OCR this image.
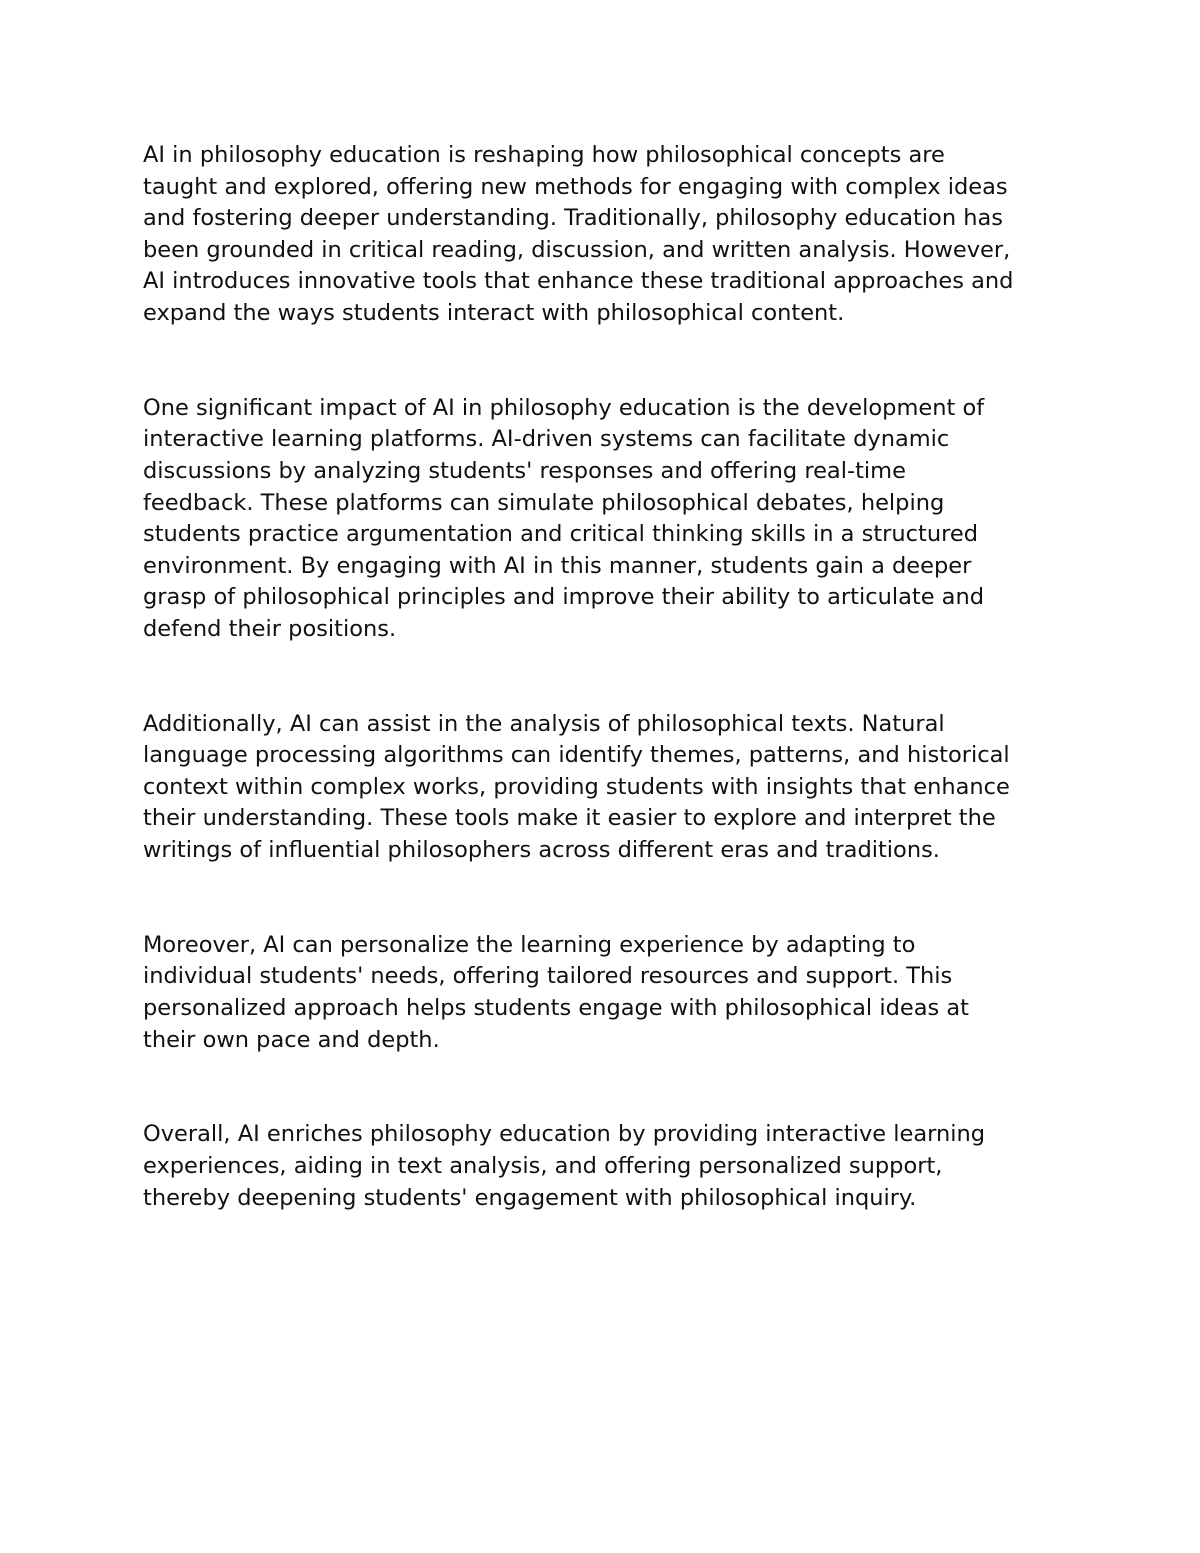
AI in philosophy education is reshaping how philosophical concepts are
taught and explored, offering new methods for engaging with complex ideas
and fostering deeper understanding. Traditionally, philosophy education has
been grounded in critical reading, discussion, and written analysis. However,
AI introduces innovative tools that enhance these traditional approaches and
expand the ways students interact with philosophical content.

One significant impact of AI in philosophy education is the development of
interactive learning platforms. AI-driven systems can facilitate dynamic
discussions by analyzing students' responses and offering real-time
feedback. These platforms can simulate philosophical debates, helping
students practice argumentation and critical thinking skills in a structured
environment. By engaging with AI in this manner, students gain a deeper
grasp of philosophical principles and improve their ability to articulate and
defend their positions.

Additionally, AI can assist in the analysis of philosophical texts. Natural
language processing algorithms can identify themes, patterns, and historical
context within complex works, providing students with insights that enhance
their understanding. These tools make it easier to explore and interpret the
writings of influential philosophers across different eras and traditions.

Moreover, AI can personalize the learning experience by adapting to
individual students' needs, offering tailored resources and support. This
personalized approach helps students engage with philosophical ideas at
their own pace and depth.

Overall, AI enriches philosophy education by providing interactive learning
experiences, aiding in text analysis, and offering personalized support,
thereby deepening students' engagement with philosophical inquiry.
